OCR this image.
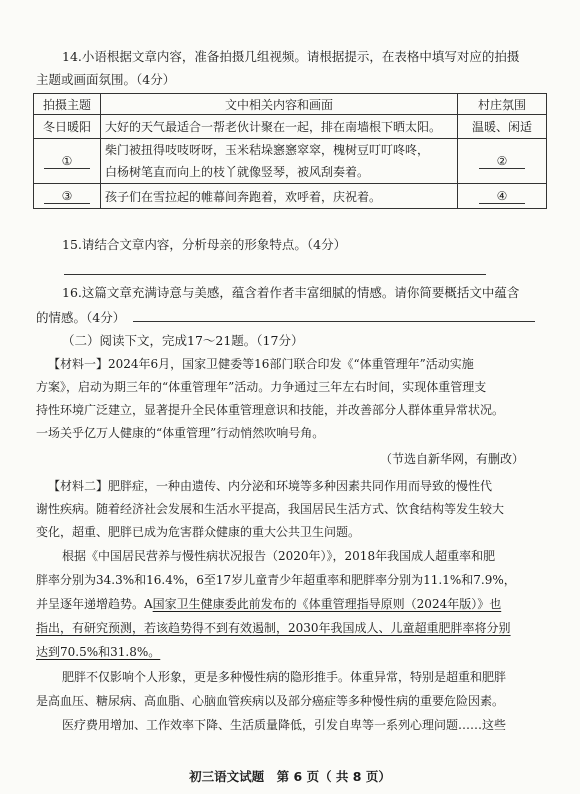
14.小语根据文章内容，准备拍摄几组视频。请根据提示，在表格中填写对应的拍摄
主题或画面氛围。（4分）
拍摄主题	文中相关内容和画面	村庄氛围
冬日暖阳	大好的天气最适合一帮老伙计聚在一起，排在南墙根下晒太阳。	温暖、闲适
①	柴门被扭得吱吱呀呀，玉米秸垛窸窸窣窣，槐树豆叮叮咚咚，
白杨树笔直而向上的枝丫就像竖琴，被风刮奏着。	②
③	孩子们在雪拉起的帷幕间奔跑着，欢呼着，庆祝着。	④
15.请结合文章内容，分析母亲的形象特点。（4分）
16.这篇文章充满诗意与美感，蕴含着作者丰富细腻的情感。请你简要概括文中蕴含
的情感。（4分）
（二）阅读下文，完成17～21题。（17分）
【材料一】2024年6月，国家卫健委等16部门联合印发《“体重管理年”活动实施
方案》，启动为期三年的“体重管理年”活动。力争通过三年左右时间，实现体重管理支
持性环境广泛建立，显著提升全民体重管理意识和技能，并改善部分人群体重异常状况。
一场关乎亿万人健康的“体重管理”行动悄然吹响号角。
（节选自新华网，有删改）
【材料二】肥胖症，一种由遗传、内分泌和环境等多种因素共同作用而导致的慢性代
谢性疾病。随着经济社会发展和生活水平提高，我国居民生活方式、饮食结构等发生较大
变化，超重、肥胖已成为危害群众健康的重大公共卫生问题。
根据《中国居民营养与慢性病状况报告（2020年）》，2018年我国成人超重率和肥
胖率分别为34.3%和16.4%，6至17岁儿童青少年超重率和肥胖率分别为11.1%和7.9%，
并呈逐年递增趋势。A国家卫生健康委此前发布的《体重管理指导原则（2024年版）》也
指出，有研究预测，若该趋势得不到有效遏制，2030年我国成人、儿童超重肥胖率将分别
达到70.5%和31.8%。
肥胖不仅影响个人形象，更是多种慢性病的隐形推手。体重异常，特别是超重和肥胖
是高血压、糖尿病、高血脂、心脑血管疾病以及部分癌症等多种慢性病的重要危险因素。
医疗费用增加、工作效率下降、生活质量降低，引发自卑等一系列心理问题……这些
初三语文试题　第 6 页（ 共 8 页）
